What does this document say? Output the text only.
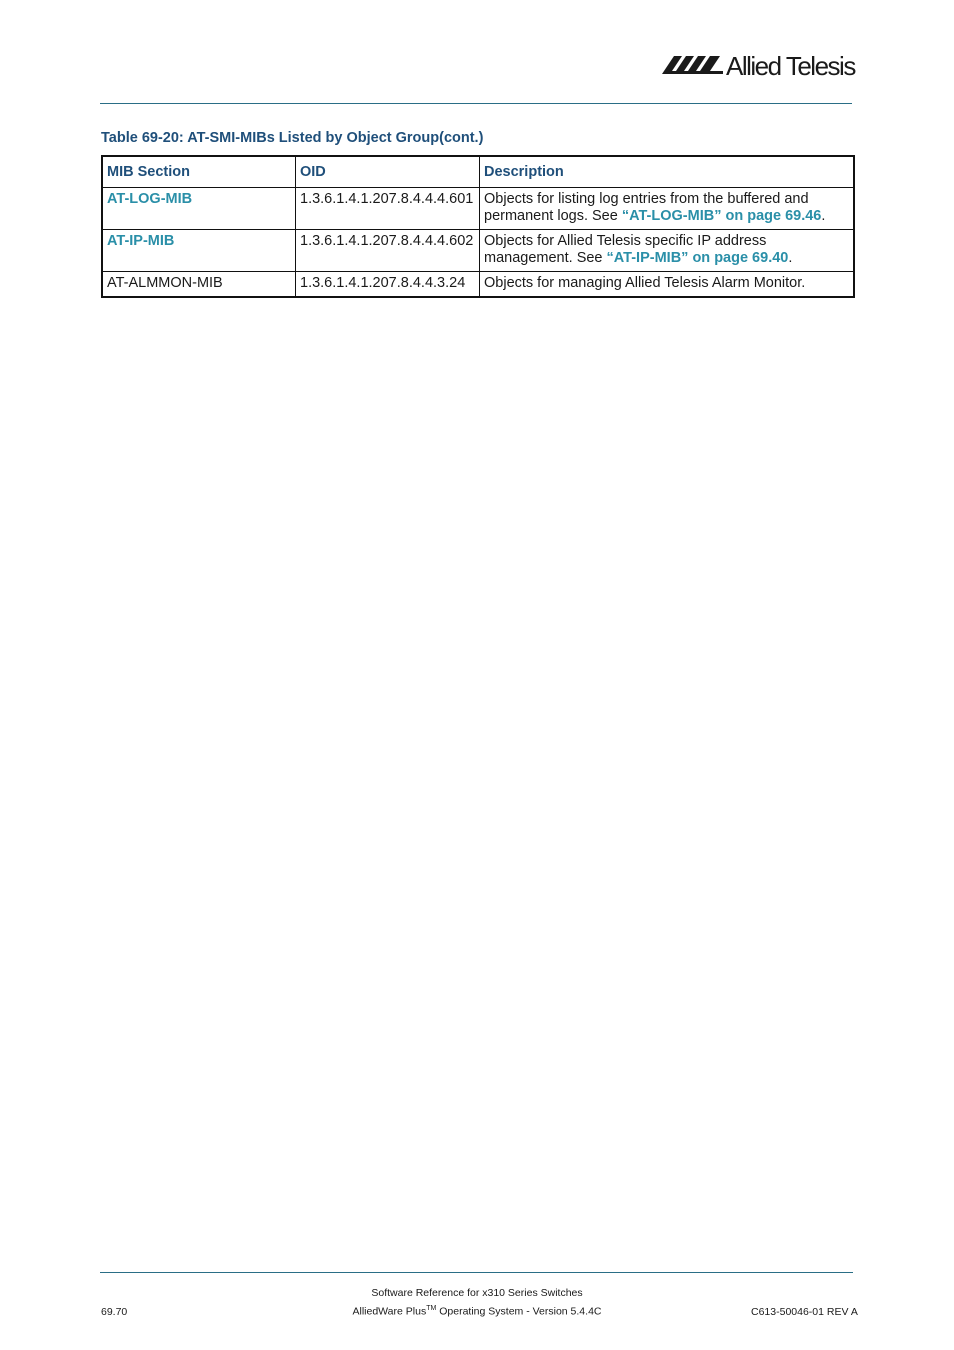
Allied Telesis
Table 69-20: AT-SMI-MIBs Listed by Object Group(cont.)
MIB Section	OID	Description
AT-LOG-MIB	1.3.6.1.4.1.207.8.4.4.4.601	Objects for listing log entries from the buffered and permanent logs. See “AT-LOG-MIB” on page 69.46.
AT-IP-MIB	1.3.6.1.4.1.207.8.4.4.4.602	Objects for Allied Telesis specific IP address management. See “AT-IP-MIB” on page 69.40.
AT-ALMMON-MIB	1.3.6.1.4.1.207.8.4.4.3.24	Objects for managing Allied Telesis Alarm Monitor.
Software Reference for x310 Series Switches
AlliedWare Plus™ Operating System - Version 5.4.4C
69.70	C613-50046-01 REV A
